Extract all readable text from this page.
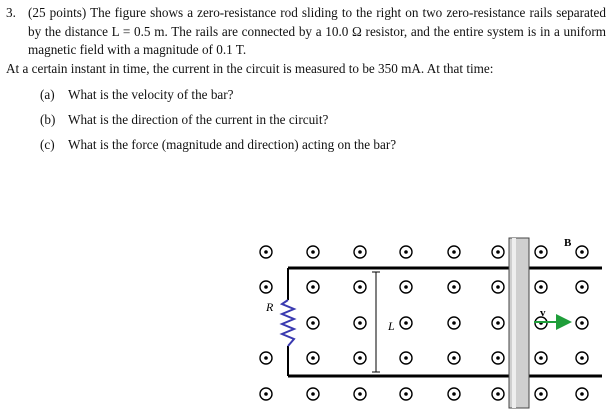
3. (25 points) The figure shows a zero-resistance rod sliding to the right on two zero-resistance rails separated by the distance L = 0.5 m. The rails are connected by a 10.0 Ω resistor, and the entire system is in a uniform magnetic field with a magnitude of 0.1 T.

At a certain instant in time, the current in the circuit is measured to be 350 mA. At that time:

(a) What is the velocity of the bar?
(b) What is the direction of the current in the circuit?
(c) What is the force (magnitude and direction) acting on the bar?
R
L
v
B
